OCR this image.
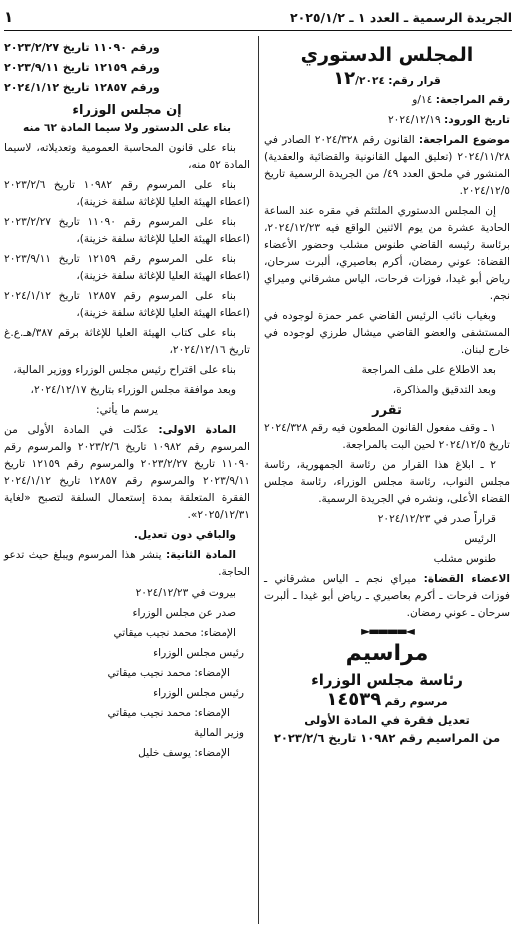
الجريدة الرسمية ـ العدد ١ ـ ٢٠٢٥/١/٢
١
المجلس الدستوري
قرار رقم: ١٢/٢٠٢٤

رقم المراجعة: ١٤/و

تاريخ الورود: ٢٠٢٤/١٢/١٩

موضوع المراجعة: القانون رقم ٢٠٢٤/٣٢٨ الصادر في ٢٠٢٤/١١/٢٨ (تعليق المهل القانونية والقضائية والعقدية) المنشور في ملحق العدد ٤٩/ من الجريدة الرسمية تاريخ ٢٠٢٤/١٢/٥.

إن المجلس الدستوري الملتئم في مقره عند الساعة الحادية عشرة من يوم الاثنين الواقع فيه ٢٠٢٤/١٢/٢٣، برئاسة رئيسه القاضي طنوس مشلب وحضور الأعضاء القضاة: عوني رمضان، أكرم بعاصيري، ألبرت سرحان، رياض أبو غيدا، فوزات فرحات، الياس مشرقاني وميراي نجم.

وبغياب نائب الرئيس القاضي عمر حمزة لوجوده في المستشفى والعضو القاضي ميشال طرزي لوجوده في خارج لبنان.

بعد الاطلاع على ملف المراجعة

وبعد التدقيق والمذاكرة،

تقرر

١ ـ وقف مفعول القانون المطعون فيه رقم ٢٠٢٤/٣٢٨ تاريخ ٢٠٢٤/١٢/٥ لحين البت بالمراجعة.

٢ ـ ابلاغ هذا القرار من رئاسة الجمهورية، رئاسة مجلس النواب، رئاسة مجلس الوزراء، رئاسة مجلس القضاء الأعلى، ونشره في الجريدة الرسمية.

قراراً صدر في ٢٠٢٤/١٢/٢٣

الرئيس

طنوس مشلب

الاعضاء القضاة: ميراي نجم ـ الياس مشرقاني ـ فوزات فرحات ـ أكرم بعاصيري ـ رياض أبو غيدا ـ ألبرت سرحان ـ عوني رمضان.

◄▬▬▬▬►
مراسيم
رئاسة مجلس الوزراء
مرسوم رقم ١٤٥٣٩
تعديل فقرة في المادة الأولى
من المراسيم رقم ١٠٩٨٢ تاريخ ٢٠٢٣/٢/٦
ورقم ١١٠٩٠ تاريخ ٢٠٢٣/٢/٢٧
ورقم ١٢١٥٩ تاريخ ٢٠٢٣/٩/١١
ورقم ١٢٨٥٧ تاريخ ٢٠٢٤/١/١٢
إن مجلس الوزراء

بناء على الدستور ولا سيما المادة ٦٢ منه

بناء على قانون المحاسبة العمومية وتعديلاته، لاسيما المادة ٥٢ منه،

بناء على المرسوم رقم ١٠٩٨٢ تاريخ ٢٠٢٣/٢/٦ (اعطاء الهيئة العليا للإغاثة سلفة خزينة)،

بناء على المرسوم رقم ١١٠٩٠ تاريخ ٢٠٢٣/٢/٢٧ (اعطاء الهيئة العليا للإغاثة سلفة خزينة)،

بناء على المرسوم رقم ١٢١٥٩ تاريخ ٢٠٢٣/٩/١١ (اعطاء الهيئة العليا للإغاثة سلفة خزينة)،

بناء على المرسوم رقم ١٢٨٥٧ تاريخ ٢٠٢٤/١/١٢ (اعطاء الهيئة العليا للإغاثة سلفة خزينة)،

بناء على كتاب الهيئة العليا للإغاثة برقم ٣٨٧/هـ.ع.غ تاريخ ٢٠٢٤/١٢/١٦،

بناء على اقتراح رئيس مجلس الوزراء ووزير المالية،

وبعد موافقة مجلس الوزراء بتاريخ ٢٠٢٤/١٢/١٧،

يرسم ما يأتي:

المادة الاولى: عدّلت في المادة الأولى من المرسوم رقم ١٠٩٨٢ تاريخ ٢٠٢٣/٢/٦ والمرسوم رقم ١١٠٩٠ تاريخ ٢٠٢٣/٢/٢٧ والمرسوم رقم ١٢١٥٩ تاريخ ٢٠٢٣/٩/١١ والمرسوم رقم ١٢٨٥٧ تاريخ ٢٠٢٤/١/١٢ الفقرة المتعلقة بمدة إستعمال السلفة لتصبح «لغاية ٢٠٢٥/١٢/٣١».

والباقي دون تعديل.

المادة الثانية: ينشر هذا المرسوم ويبلغ حيث تدعو الحاجة.

بيروت في ٢٠٢٤/١٢/٢٣

صدر عن مجلس الوزراء

الإمضاء: محمد نجيب ميقاتي

رئيس مجلس الوزراء

الإمضاء: محمد نجيب ميقاتي

رئيس مجلس الوزراء

الإمضاء: محمد نجيب ميقاتي

وزير المالية

الإمضاء: يوسف خليل
